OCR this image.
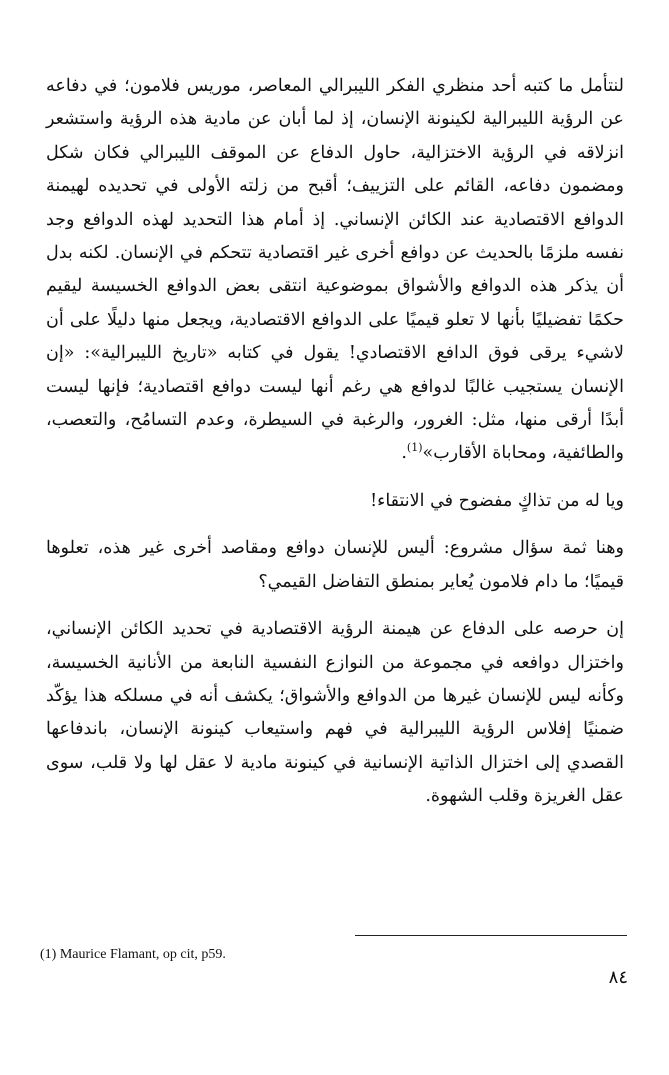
لنتأمل ما كتبه أحد منظري الفكر الليبرالي المعاصر، موريس فلامون؛ في دفاعه عن الرؤية الليبرالية لكينونة الإنسان، إذ لما أبان عن مادية هذه الرؤية واستشعر انزلاقه في الرؤية الاختزالية، حاول الدفاع عن الموقف الليبرالي فكان شكل ومضمون دفاعه، القائم على التزييف؛ أقبح من زلته الأولى في تحديده لهيمنة الدوافع الاقتصادية عند الكائن الإنساني. إذ أمام هذا التحديد لهذه الدوافع وجد نفسه ملزمًا بالحديث عن دوافع أخرى غير اقتصادية تتحكم في الإنسان. لكنه بدل أن يذكر هذه الدوافع والأشواق بموضوعية انتقى بعض الدوافع الخسيسة ليقيم حكمًا تفضيليًا بأنها لا تعلو قيميًا على الدوافع الاقتصادية، ويجعل منها دليلًا على أن لاشيء يرقى فوق الدافع الاقتصادي! يقول في كتابه «تاريخ الليبرالية»: «إن الإنسان يستجيب غالبًا لدوافع هي رغم أنها ليست دوافع اقتصادية؛ فإنها ليست أبدًا أرقى منها، مثل: الغرور، والرغبة في السيطرة، وعدم التسامُح، والتعصب، والطائفية، ومحاباة الأقارب»$^{(1)}$.

ويا له من تذاكٍ مفضوح في الانتقاء!

وهنا ثمة سؤال مشروع: أليس للإنسان دوافع ومقاصد أخرى غير هذه، تعلوها قيميًا؛ ما دام فلامون يُعاير بمنطق التفاضل القيمي؟

إن حرصه على الدفاع عن هيمنة الرؤية الاقتصادية في تحديد الكائن الإنساني، واختزال دوافعه في مجموعة من النوازع النفسية النابعة من الأنانية الخسيسة، وكأنه ليس للإنسان غيرها من الدوافع والأشواق؛ يكشف أنه في مسلكه هذا يؤكّد ضمنيًا إفلاس الرؤية الليبرالية في فهم واستيعاب كينونة الإنسان، باندفاعها القصدي إلى اختزال الذاتية الإنسانية في كينونة مادية لا عقل لها ولا قلب، سوى عقل الغريزة وقلب الشهوة.

(1) Maurice Flamant, op cit, p59.
٨٤
